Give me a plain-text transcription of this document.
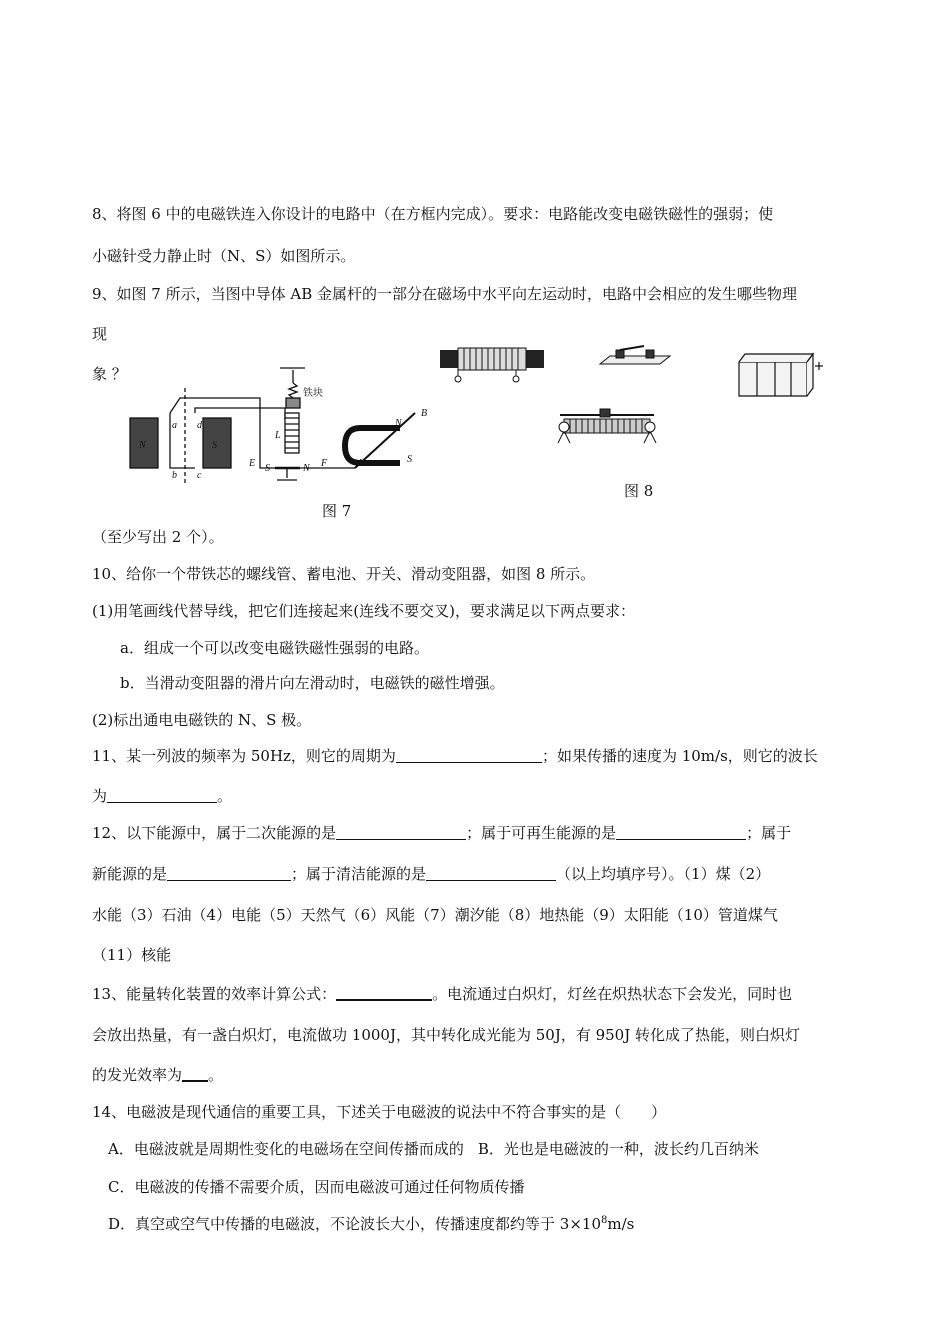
8、将图 6 中的电磁铁连入你设计的电路中（在方框内完成）。要求：电路能改变电磁铁磁性的强弱；使
小磁针受力静止时（N、S）如图所示。
9、如图 7 所示，当图中导体 AB 金属杆的一部分在磁场中水平向左运动时，电路中会相应的发生哪些物理
现
象 ？
N	S
a
b c
d
L
E	F
铁块
A
B
N
S
S	N
图 7
图 8
（至少写出 2 个）。
10、给你一个带铁芯的螺线管、蓄电池、开关、滑动变阻器，如图 8 所示。
(1)用笔画线代替导线，把它们连接起来(连线不要交叉)，要求满足以下两点要求：
a．组成一个可以改变电磁铁磁性强弱的电路。
b．当滑动变阻器的滑片向左滑动时，电磁铁的磁性增强。
(2)标出通电电磁铁的 N、S 极。
11、某一列波的频率为 50Hz，则它的周期为	；如果传播的速度为 10m/s，则它的波长
为	。
12、以下能源中，属于二次能源的是	；属于可再生能源的是	；属于
新能源的是	；属于清洁能源的是	（以上均填序号）。（1）煤（2）
水能（3）石油（4）电能（5）天然气（6）风能（7）潮汐能（8）地热能（9）太阳能（10）管道煤气
（11）核能
13、能量转化装置的效率计算公式：	。电流通过白炽灯，灯丝在炽热状态下会发光，同时也
会放出热量，有一盏白炽灯，电流做功 1000J，其中转化成光能为 50J，有 950J 转化成了热能，则白炽灯
的发光效率为 。
14、电磁波是现代通信的重要工具，下述关于电磁波的说法中不符合事实的是（　　）
A．电磁波就是周期性变化的电磁场在空间传播而成的 B．光也是电磁波的一种，波长约几百纳米
C．电磁波的传播不需要介质，因而电磁波可通过任何物质传播
D．真空或空气中传播的电磁波，不论波长大小，传播速度都约等于 $3\times 10^8m/s$
